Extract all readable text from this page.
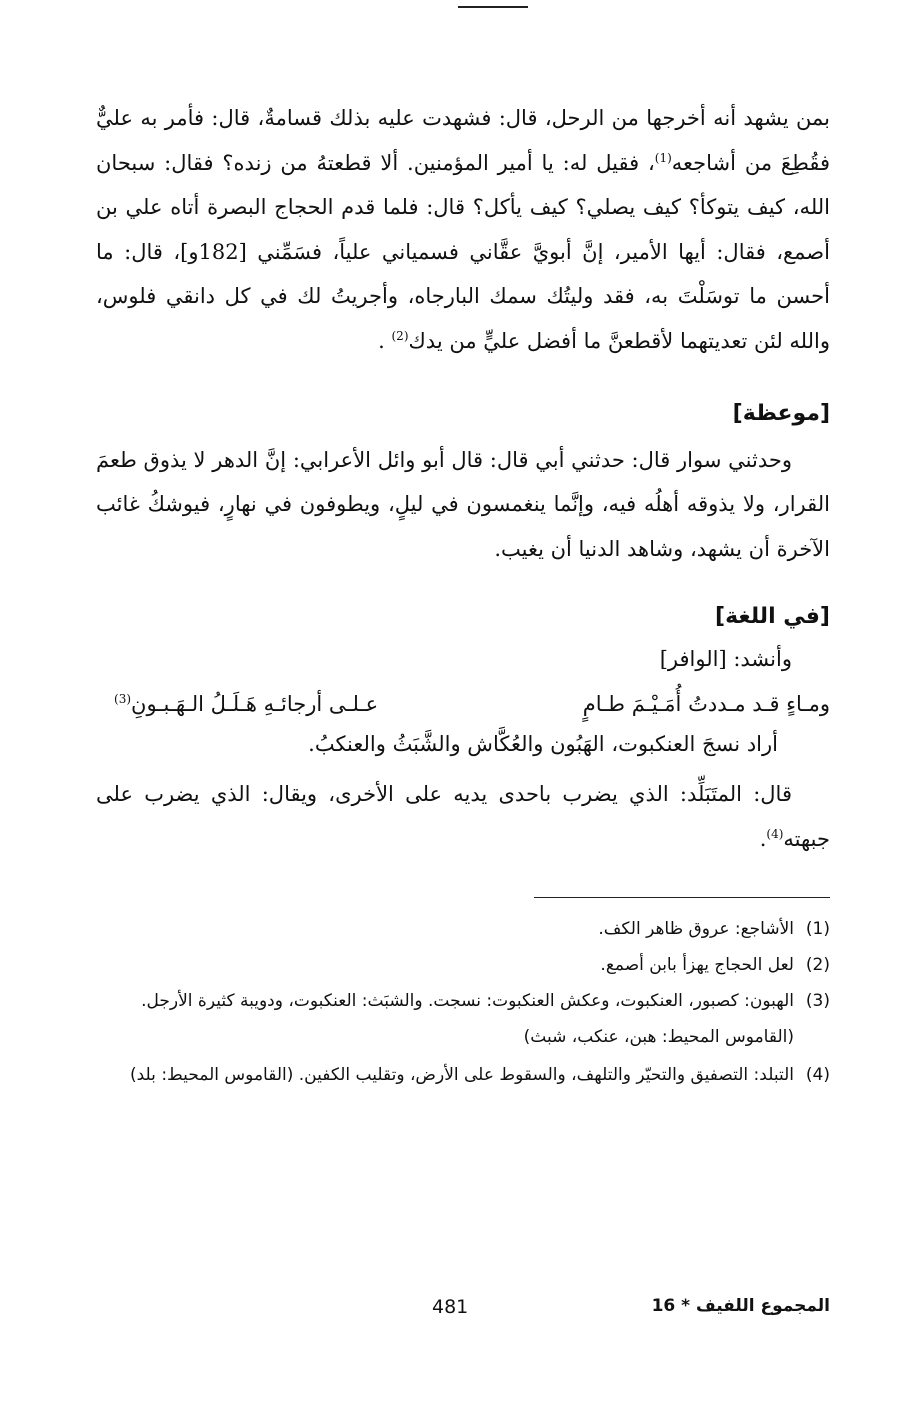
بمن يشهد أنه أخرجها من الرحل، قال: فشهدت عليه بذلك قسامةٌ، قال: فأمر به عليٌّ فقُطِعَ من أشاجعه$^{(1)}$، فقيل له: يا أمير المؤمنين. ألا قطعتهُ من زنده؟ فقال: سبحان الله، كيف يتوكأ؟ كيف يصلي؟ كيف يأكل؟ قال: فلما قدم الحجاج البصرة أتاه علي بن أصمع، فقال: أيها الأمير، إنَّ أبويَّ عقَّاني فسمياني علياً، فسَمِّني [182و]، قال: ما أحسن ما توسَلْتَ به، فقد وليتُك سمك البارجاه، وأجريتُ لك في كل دانقي فلوس، والله لئن تعديتهما لأقطعنَّ ما أفضل عليٍّ من يدك$^{(2)}$ .

[موعظة]

وحدثني سوار قال: حدثني أبي قال: قال أبو وائل الأعرابي: إنَّ الدهر لا يذوق طعمَ القرار، ولا يذوقه أهلُه فيه، وإنَّما ينغمسون في ليلٍ، ويطوفون في نهارٍ، فيوشكُ غائب الآخرة أن يشهد، وشاهد الدنيا أن يغيب.

[في اللغة]

وأنشد: [الوافر]

ومـاءٍ قـد مـددتُ أُمَـيْـمَ طـامٍ
عـلـى أرجائـهِ هَـلَـلُ الـهَـبـونِ$^{(3)}$

أراد نسجَ العنكبوت، الهَبُون والعُكَّاش والشَّبَثُ والعنكبُ.

قال: المتَبَلِّد: الذي يضرب باحدى يديه على الأخرى، ويقال: الذي يضرب على جبهته$^{(4)}$.

(1)
الأشاجع: عروق ظاهر الكف.
(2)
لعل الحجاج يهزأ بابن أصمع.
(3)
الهبون: كصبور، العنكبوت، وعكش العنكبوت: نسجت. والشبَث: العنكبوت، ودويبة كثيرة الأرجل.
(القاموس المحيط: هبن، عنكب، شبث)
(4)
التبلد: التصفيق والتحيّر والتلهف، والسقوط على الأرض، وتقليب الكفين. (القاموس المحيط: بلد)
المجموع اللفيف * 16
481
